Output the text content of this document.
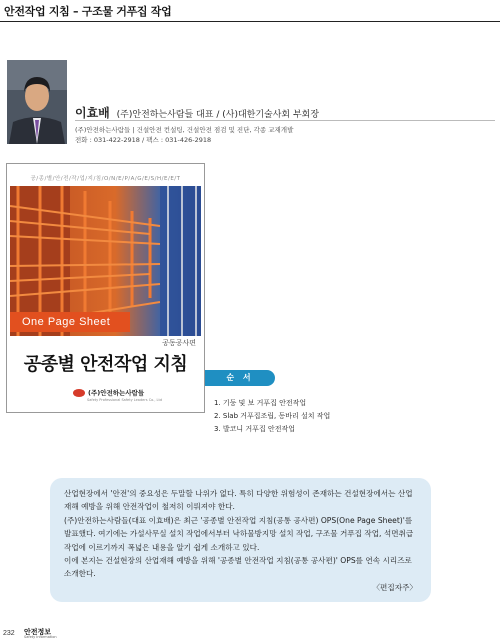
안전작업 지침 – 구조물 거푸집 작업
이효배 (주)안전하는사람들 대표 / (사)대한기술사회 부회장
(주)안전하는사람들 | 건설안전 컨설팅, 건설안전 점검 및 진단, 각종 교재개발
전화 : 031-422-2918 / 팩스 : 031-426-2918
공/종/별/안/전/작/업/지/침/O/N/E/P/A/G/E/S/H/E/E/T
One Page Sheet
공동공사편
공종별 안전작업 지침
(주)안전하는사람들
Safety Professional Safety Leaders Co., Ltd
순 서
1. 기둥 및 보 거푸집 안전작업
2. Slab 거푸집조립, 동바리 설치 작업
3. 발코니 거푸집 안전작업

산업현장에서 '안전'의 중요성은 두말할 나위가 없다. 특히 다양한 위험성이 존재하는 건설현장에서는 산업재해 예방을 위해 안전작업이 철저히 이뤄져야 한다.

(주)안전하는사람들(대표 이효배)은 최근 '공종별 안전작업 지침(공통 공사편) OPS(One Page Sheet)'를 발표했다. 여기에는 가설사무실 설치 작업에서부터 낙하물방지망 설치 작업, 구조물 거푸집 작업, 석면취급 작업에 이르기까지 폭넓은 내용을 알기 쉽게 소개하고 있다.

이에 본지는 건설현장의 산업재해 예방을 위해 '공종별 안전작업 지침(공통 공사편)' OPS를 연속 시리즈로 소개한다.

〈편집자주〉

232 안전정보
Safety Information
